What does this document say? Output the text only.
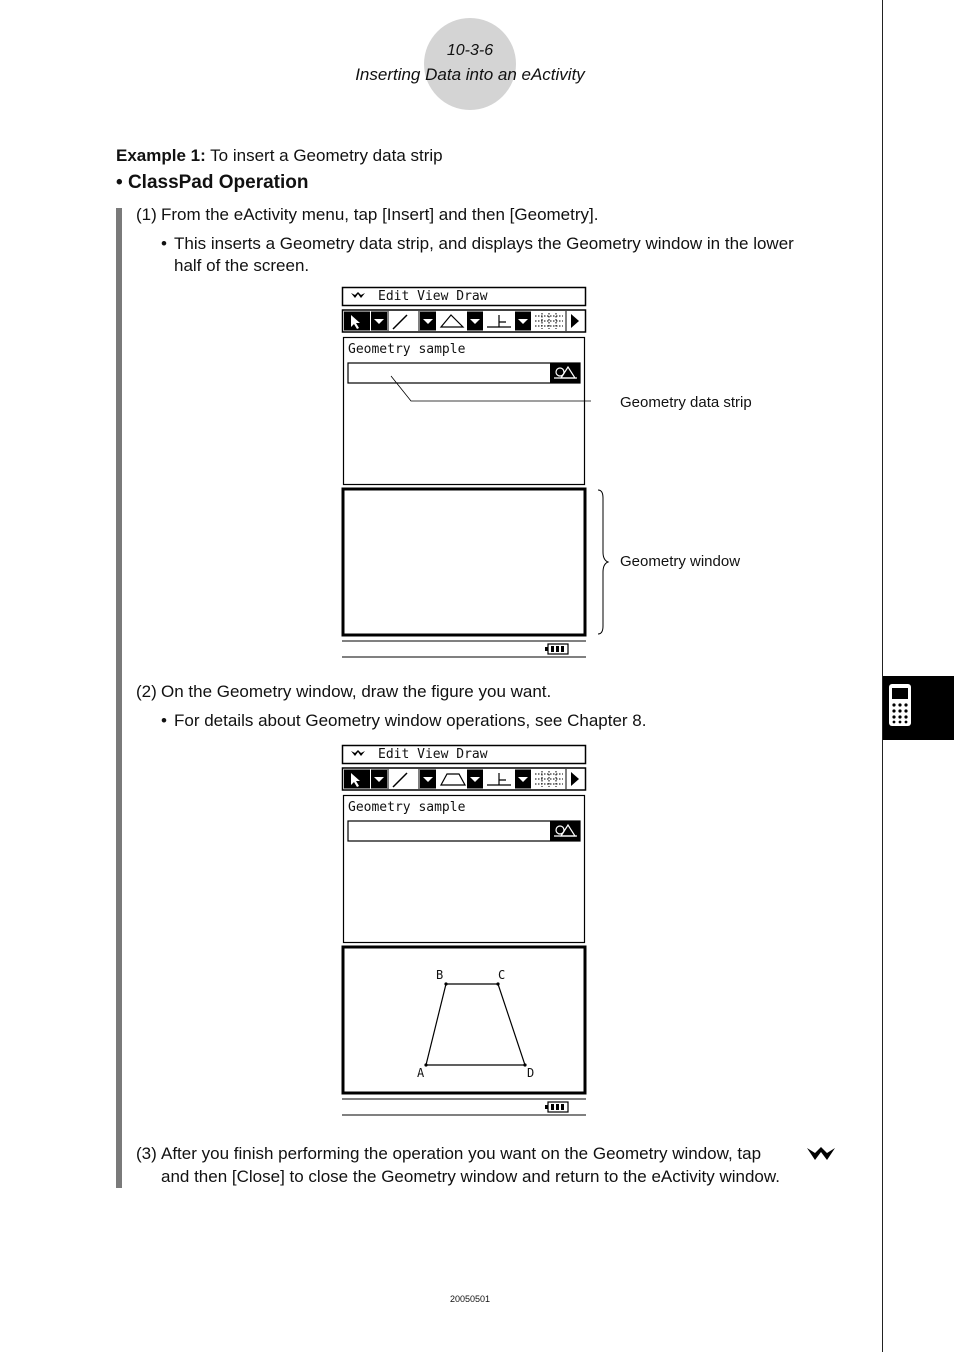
10-3-6
Inserting Data into an eActivity
Example 1: To insert a Geometry data strip
• ClassPad Operation
(1) From the eActivity menu, tap [Insert] and then [Geometry].
• This inserts a Geometry data strip, and displays the Geometry window in the lower
half of the screen.
Edit View Draw
Geometry sample
Geometry data strip
Geometry window
(2) On the Geometry window, draw the figure you want.
• For details about Geometry window operations, see Chapter 8.
Edit View Draw
Geometry sample
A
B	C
D
(3) After you finish performing the operation you want on the Geometry window, tap
and then [Close] to close the Geometry window and return to the eActivity window.
20050501
